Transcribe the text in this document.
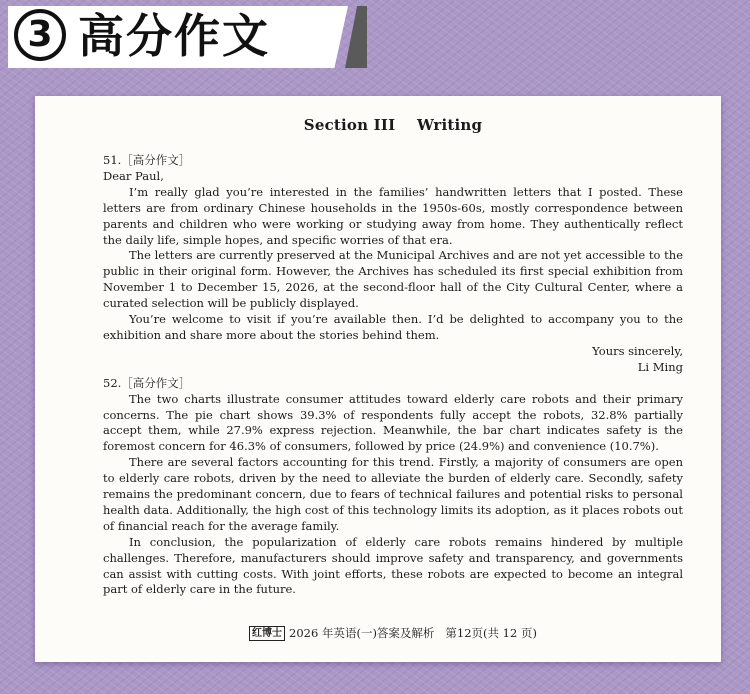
3 高分作文
Section III    Writing

51.［高分作文］

Dear Paul,

I’m really glad you’re interested in the families’ handwritten letters that I posted. These letters are from ordinary Chinese households in the 1950s-60s, mostly correspondence between parents and children who were working or studying away from home. They authentically reflect the daily life, simple hopes, and specific worries of that era.

The letters are currently preserved at the Municipal Archives and are not yet accessible to the public in their original form. However, the Archives has scheduled its first special exhibition from November 1 to December 15, 2026, at the second-floor hall of the City Cultural Center, where a curated selection will be publicly displayed.

You’re welcome to visit if you’re available then. I’d be delighted to accompany you to the exhibition and share more about the stories behind them.

Yours sincerely,

Li Ming

52.［高分作文］

The two charts illustrate consumer attitudes toward elderly care robots and their primary concerns. The pie chart shows 39.3% of respondents fully accept the robots, 32.8% partially accept them, while 27.9% express rejection. Meanwhile, the bar chart indicates safety is the foremost concern for 46.3% of consumers, followed by price (24.9%) and convenience (10.7%).

There are several factors accounting for this trend. Firstly, a majority of consumers are open to elderly care robots, driven by the need to alleviate the burden of elderly care. Secondly, safety remains the predominant concern, due to fears of technical failures and potential risks to personal health data. Additionally, the high cost of this technology limits its adoption, as it places robots out of financial reach for the average family.

In conclusion, the popularization of elderly care robots remains hindered by multiple challenges. Therefore, manufacturers should improve safety and transparency, and governments can assist with cutting costs. With joint efforts, these robots are expected to become an integral part of elderly care in the future.

红博士 2026 年英语(一)答案及解析   第12页(共 12 页)
